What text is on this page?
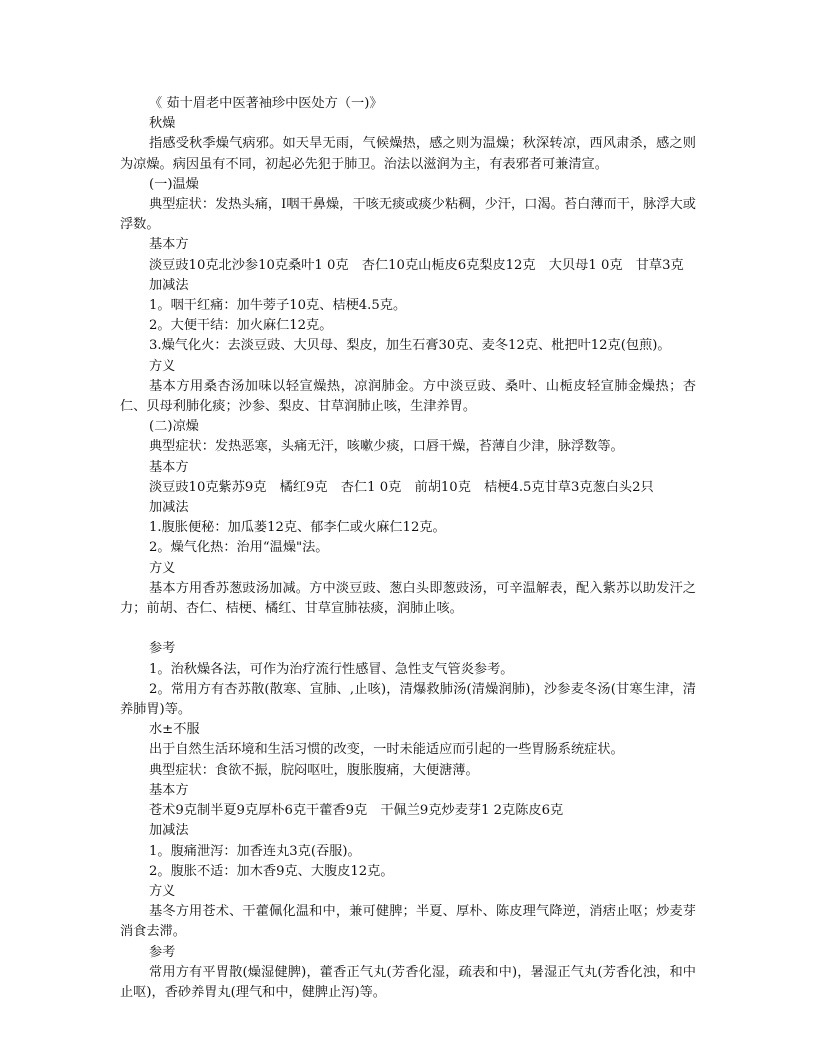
《 茹十眉老中医著袖珍中医处方（一)》

秋燥

指感受秋季燥气病邪。如天旱无雨，气候燥热，感之则为温燥；秋深转凉，西风肃杀，感之则为凉燥。病因虽有不同，初起必先犯于肺卫。治法以滋润为主，有表邪者可兼清宣。

(一)温燥

典型症状：发热头痛，I咽干鼻燥，干咳无痰或痰少粘稠，少汗，口渴。苔白薄而干，脉浮大或浮数。

基本方

淡豆豉10克北沙参10克桑叶1 0克　杏仁10克山栀皮6克梨皮12克　大贝母1 0克　甘草3克

加减法

1。咽干红痛：加牛蒡子10克、桔梗4.5克。

2。大便干结：加火麻仁12克。

3.燥气化火：去淡豆豉、大贝母、梨皮，加生石膏30克、麦冬12克、枇把叶12克(包煎)。

方义

基本方用桑杏汤加味以轻宣燥热，凉润肺金。方中淡豆豉、桑叶、山栀皮轻宣肺金燥热；杏仁、贝母利肺化痰；沙参、梨皮、甘草润肺止咳，生津养胃。

(二)凉燥

典型症状：发热恶寒，头痛无汗，咳嗽少痰，口唇干燥，苔薄自少津，脉浮数等。

基本方

淡豆豉10克紫苏9克　橘红9克　杏仁1 0克　前胡10克　桔梗4.5克甘草3克葱白头2只

加减法

1.腹胀便秘：加瓜蒌12克、郁李仁或火麻仁12克。

2。燥气化热：治用“温燥"法。

方义

基本方用香苏葱豉汤加减。方中淡豆豉、葱白头即葱豉汤，可辛温解表，配入紫苏以助发汗之力；前胡、杏仁、桔梗、橘红、甘草宣肺祛痰，润肺止咳。

参考

1。治秋燥各法，可作为治疗流行性感冒、急性支气管炎参考。

2。常用方有杏苏散(散寒、宣肺、,止咳)，清爆救肺汤(清燥润肺)，沙参麦冬汤(甘寒生津，清养肺胃)等。

水±不服

出于自然生活环境和生活习惯的改变，一时未能适应而引起的一些胃肠系统症状。

典型症状：食欲不振，脘闷呕吐，腹胀腹痛，大便溏薄。

基本方

苍术9克制半夏9克厚朴6克干藿香9克　干佩兰9克炒麦芽1 2克陈皮6克

加减法

1。腹痛泄泻：加香连丸3克(吞服)。

2。腹胀不适：加木香9克、大腹皮12克。

方义

基冬方用苍术、干藿佩化温和中，兼可健脾；半夏、厚朴、陈皮理气降逆，消痞止呕；炒麦芽消食去滞。

参考

常用方有平胃散(燥湿健脾)，藿香正气丸(芳香化湿，疏表和中)，暑湿正气丸(芳香化浊，和中止呕)，香砂养胃丸(理气和中，健脾止泻)等。
